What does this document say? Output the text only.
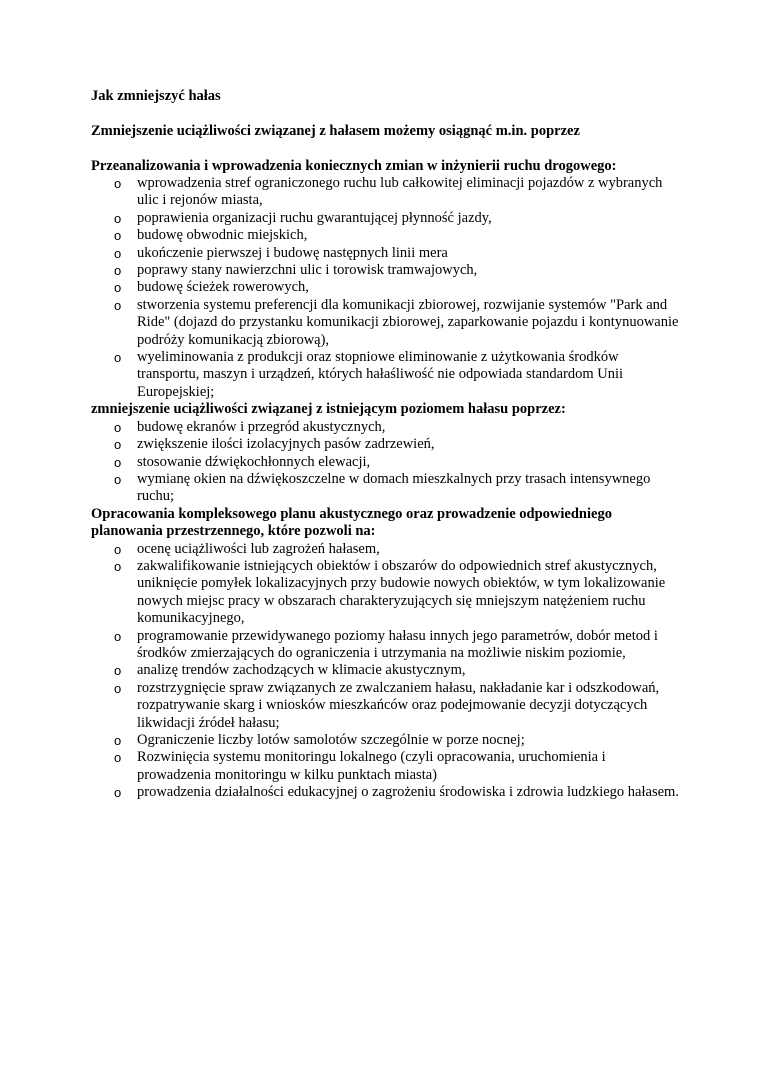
Jak zmniejszyć hałas
Zmniejszenie uciążliwości związanej z hałasem możemy osiągnąć m.in. poprzez
Przeanalizowania i wprowadzenia koniecznych zmian w inżynierii ruchu drogowego:
o wprowadzenia stref ograniczonego ruchu lub całkowitej eliminacji pojazdów z wybranych ulic i rejonów miasta,
o poprawienia organizacji ruchu gwarantującej płynność jazdy,
o budowę obwodnic miejskich,
o ukończenie pierwszej i budowę następnych linii mera
o poprawy stany nawierzchni ulic i torowisk tramwajowych,
o budowę ścieżek rowerowych,
o stworzenia systemu preferencji dla komunikacji zbiorowej, rozwijanie systemów "Park and Ride" (dojazd do przystanku komunikacji zbiorowej, zaparkowanie pojazdu i kontynuowanie podróży komunikacją zbiorową),
o wyeliminowania z produkcji oraz stopniowe eliminowanie z użytkowania środków transportu, maszyn i urządzeń, których hałaśliwość nie odpowiada standardom Unii Europejskiej;
zmniejszenie uciążliwości związanej z istniejącym poziomem hałasu poprzez:
o budowę ekranów i przegród akustycznych,
o zwiększenie ilości izolacyjnych pasów zadrzewień,
o stosowanie dźwiękochłonnych elewacji,
o wymianę okien na dźwiękoszczelne w domach mieszkalnych przy trasach intensywnego ruchu;
Opracowania kompleksowego planu akustycznego oraz prowadzenie odpowiedniego planowania przestrzennego, które pozwoli na:
o ocenę uciążliwości lub zagrożeń hałasem,
o zakwalifikowanie istniejących obiektów i obszarów do odpowiednich stref akustycznych, uniknięcie pomyłek lokalizacyjnych przy budowie nowych obiektów, w tym lokalizowanie nowych miejsc pracy w obszarach charakteryzujących się mniejszym natężeniem ruchu komunikacyjnego,
o programowanie przewidywanego poziomy hałasu innych jego parametrów, dobór metod i środków zmierzających do ograniczenia i utrzymania na możliwie niskim poziomie,
o analizę trendów zachodzących w klimacie akustycznym,
o rozstrzygnięcie spraw związanych ze zwalczaniem hałasu, nakładanie kar i odszkodowań, rozpatrywanie skarg i wniosków mieszkańców oraz podejmowanie decyzji dotyczących likwidacji źródeł hałasu;
o Ograniczenie liczby lotów samolotów szczególnie w porze nocnej;
o Rozwinięcia systemu monitoringu lokalnego (czyli opracowania, uruchomienia i prowadzenia monitoringu w kilku punktach miasta)
o prowadzenia działalności edukacyjnej o zagrożeniu środowiska i zdrowia ludzkiego hałasem.
